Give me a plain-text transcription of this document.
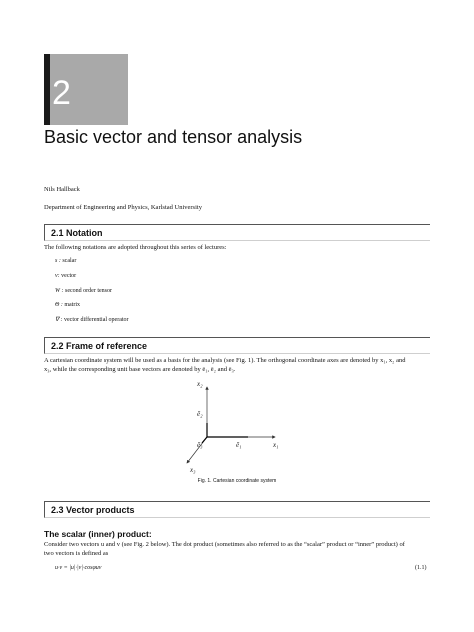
2
Basic vector and tensor analysis
Nils Hallback
Department of Engineering and Physics, Karlstad University
2.1 Notation
The following notations are adopted throughout this series of lectures:
s : scalar
v: vector
W : second order tensor
Θ : matrix
∇ : vector differential operator
2.2 Frame of reference
A cartesian coordinate system will be used as a basis for the analysis (see Fig. 1). The orthogonal coordinate axes are denoted by x₁, x₂ and
x₃, while the corresponding unit base vectors are denoted by ē₁, ē₂ and ē₃.
x₂
x₁
x₃
ē₁
ē₂
ē₃
Fig. 1. Cartesian coordinate system
2.3 Vector products
The scalar (inner) product:
Consider two vectors u and v (see Fig. 2 below). The dot product (sometimes also referred to as the “scalar” product or “inner” product) of
two vectors is defined as
u·v = |u|·|v|·cosφuv	(1.1)
